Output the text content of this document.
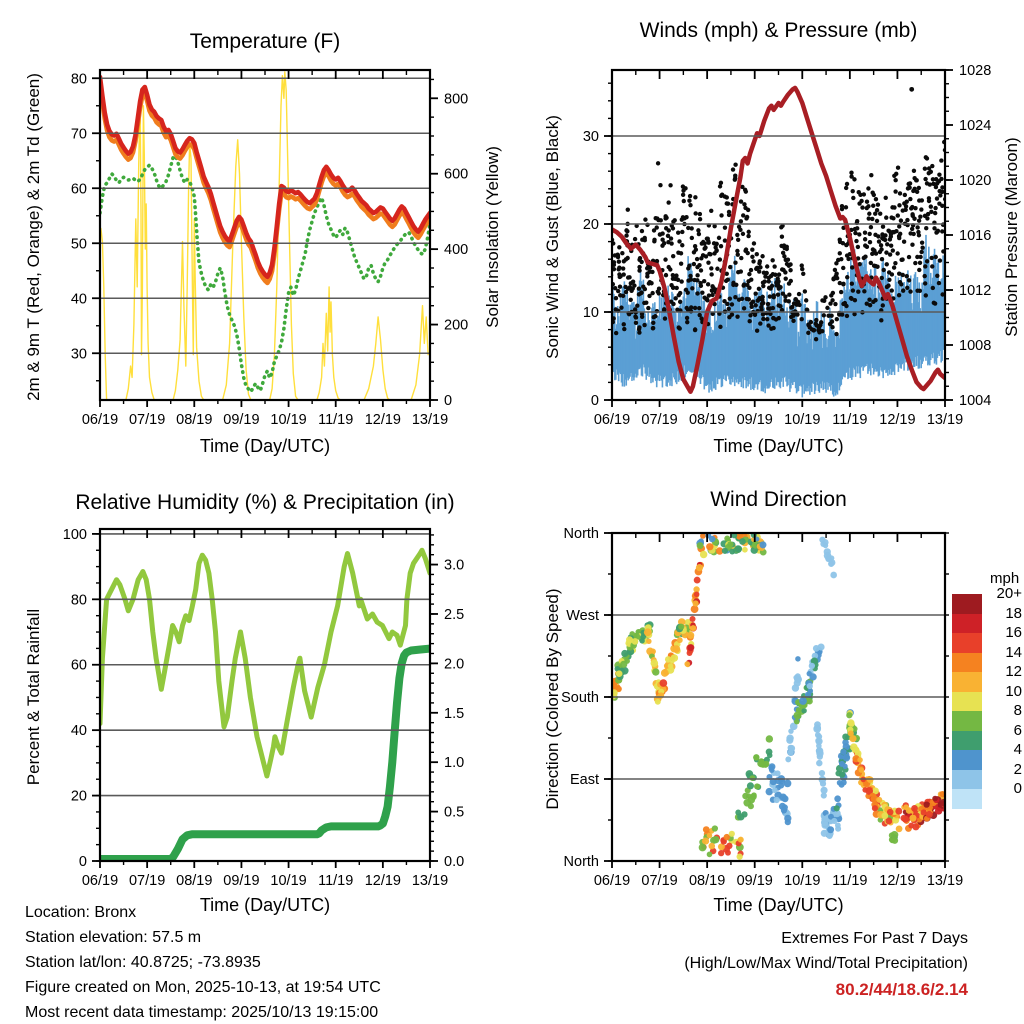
06/19 07/19 08/19 09/19 10/19 11/19 12/19 13/19
30
40
50
60
70
80
0
200
400
600
800
06/19 07/19 08/19 09/19 10/19 11/19 12/19 13/19
0
10
20
30
1004
1008
1012
1016
1020
1024
1028
06/19 07/19 08/19 09/19 10/19 11/19 12/19 13/19
0
20
40
60
80
100
0.0
0.5
1.0
1.5
2.0
2.5
3.0
06/19 07/19 08/19 09/19 10/19 11/19 12/19 13/19
North
East
South
West
North
Temperature (F)	Winds (mph) & Pressure (mb)
Relative Humidity (%) & Precipitation (in)	Wind Direction
2m & 9m T (Red, Orange) & 2m Td (Green)	Solar Insolation (Yellow) Sonic Wind & Gust (Blue, Black)	Station Pressure (Maroon)
Percent & Total Rainfall	Direction (Colored By Speed)
Time (Day/UTC)	Time (Day/UTC)
Time (Day/UTC)	Time (Day/UTC)
mph
Extremes For Past 7 Days
(High/Low/Max Wind/Total Precipitation)
80.2/44/18.6/2.14
Location: Bronx
Station elevation: 57.5 m
Station lat/lon: 40.8725; -73.8935
Figure created on Mon, 2025-10-13, at 19:54 UTC
Most recent data timestamp: 2025/10/13 19:15:00
20+
18
16
14
12
10
8
6
4
2
0
